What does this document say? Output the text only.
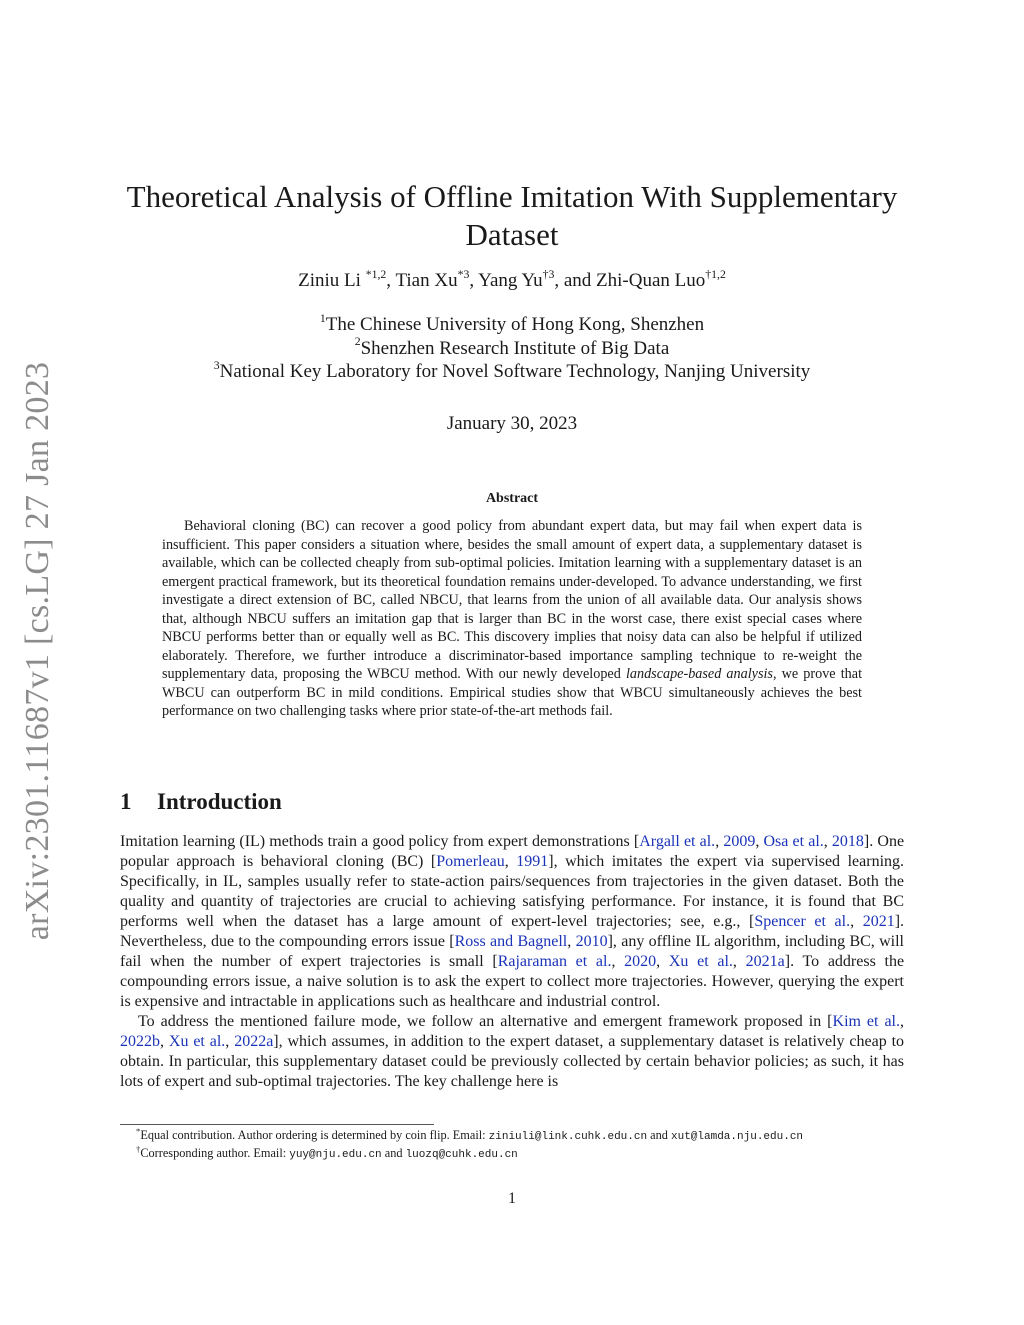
arXiv:2301.11687v1 [cs.LG] 27 Jan 2023
Theoretical Analysis of Offline Imitation With Supplementary Dataset
Ziniu Li $^{*1,2}$, Tian Xu$^{*3}$, Yang Yu$^{\dagger 3}$, and Zhi-Quan Luo$^{\dagger 1,2}$
$^1$The Chinese University of Hong Kong, Shenzhen
$^2$Shenzhen Research Institute of Big Data
$^3$National Key Laboratory for Novel Software Technology, Nanjing University
January 30, 2023
Abstract

Behavioral cloning (BC) can recover a good policy from abundant expert data, but may fail when expert data is insufficient. This paper considers a situation where, besides the small amount of expert data, a supplementary dataset is available, which can be collected cheaply from sub-optimal policies. Imitation learning with a supplementary dataset is an emergent practical framework, but its theoretical foundation remains under-developed. To advance understanding, we first investigate a direct extension of BC, called NBCU, that learns from the union of all available data. Our analysis shows that, although NBCU suffers an imitation gap that is larger than BC in the worst case, there exist special cases where NBCU performs better than or equally well as BC. This discovery implies that noisy data can also be helpful if utilized elaborately. Therefore, we further introduce a discriminator-based importance sampling technique to re-weight the supplementary data, proposing the WBCU method. With our newly developed landscape-based analysis, we prove that WBCU can outperform BC in mild conditions. Empirical studies show that WBCU simultaneously achieves the best performance on two challenging tasks where prior state-of-the-art methods fail.

1 Introduction

Imitation learning (IL) methods train a good policy from expert demonstrations [Argall et al., 2009, Osa et al., 2018]. One popular approach is behavioral cloning (BC) [Pomerleau, 1991], which imitates the expert via supervised learning. Specifically, in IL, samples usually refer to state-action pairs/sequences from trajectories in the given dataset. Both the quality and quantity of trajectories are crucial to achieving satisfying performance. For instance, it is found that BC performs well when the dataset has a large amount of expert-level trajectories; see, e.g., [Spencer et al., 2021]. Nevertheless, due to the compounding errors issue [Ross and Bagnell, 2010], any offline IL algorithm, including BC, will fail when the number of expert trajectories is small [Rajaraman et al., 2020, Xu et al., 2021a]. To address the compounding errors issue, a naive solution is to ask the expert to collect more trajectories. However, querying the expert is expensive and intractable in applications such as healthcare and industrial control.

To address the mentioned failure mode, we follow an alternative and emergent framework proposed in [Kim et al., 2022b, Xu et al., 2022a], which assumes, in addition to the expert dataset, a supplementary dataset is relatively cheap to obtain. In particular, this supplementary dataset could be previously collected by certain behavior policies; as such, it has lots of expert and sub-optimal trajectories. The key challenge here is

*Equal contribution. Author ordering is determined by coin flip. Email: ziniuli@link.cuhk.edu.cn and xut@lamda.nju.edu.cn
†Corresponding author. Email: yuy@nju.edu.cn and luozq@cuhk.edu.cn
1
